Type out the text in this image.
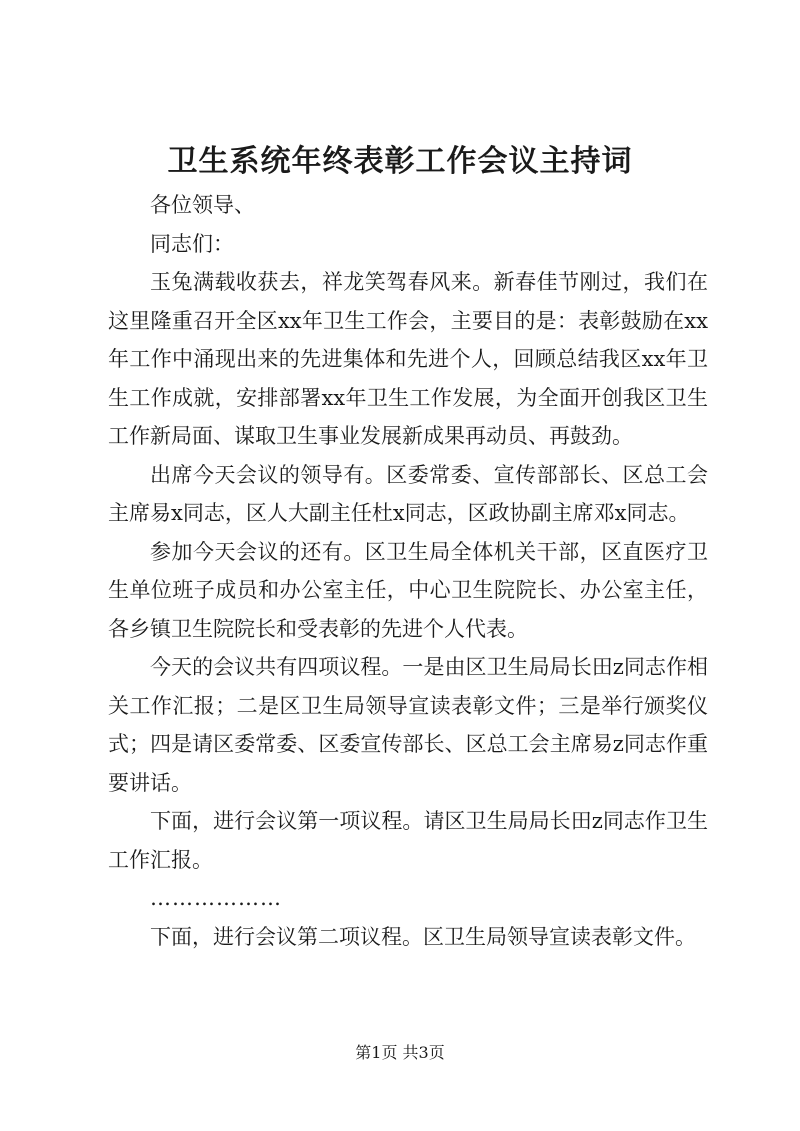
卫生系统年终表彰工作会议主持词

各位领导、

同志们：

玉兔满载收获去，祥龙笑驾春风来。新春佳节刚过，我们在这里隆重召开全区xx年卫生工作会，主要目的是：表彰鼓励在xx年工作中涌现出来的先进集体和先进个人，回顾总结我区xx年卫生工作成就，安排部署xx年卫生工作发展，为全面开创我区卫生工作新局面、谋取卫生事业发展新成果再动员、再鼓劲。

出席今天会议的领导有。区委常委、宣传部部长、区总工会主席易x同志，区人大副主任杜x同志，区政协副主席邓x同志。

参加今天会议的还有。区卫生局全体机关干部，区直医疗卫生单位班子成员和办公室主任，中心卫生院院长、办公室主任，各乡镇卫生院院长和受表彰的先进个人代表。

今天的会议共有四项议程。一是由区卫生局局长田z同志作相关工作汇报；二是区卫生局领导宣读表彰文件；三是举行颁奖仪式；四是请区委常委、区委宣传部长、区总工会主席易z同志作重要讲话。

下面，进行会议第一项议程。请区卫生局局长田z同志作卫生工作汇报。

………………

下面，进行会议第二项议程。区卫生局领导宣读表彰文件。

第1页 共3页
